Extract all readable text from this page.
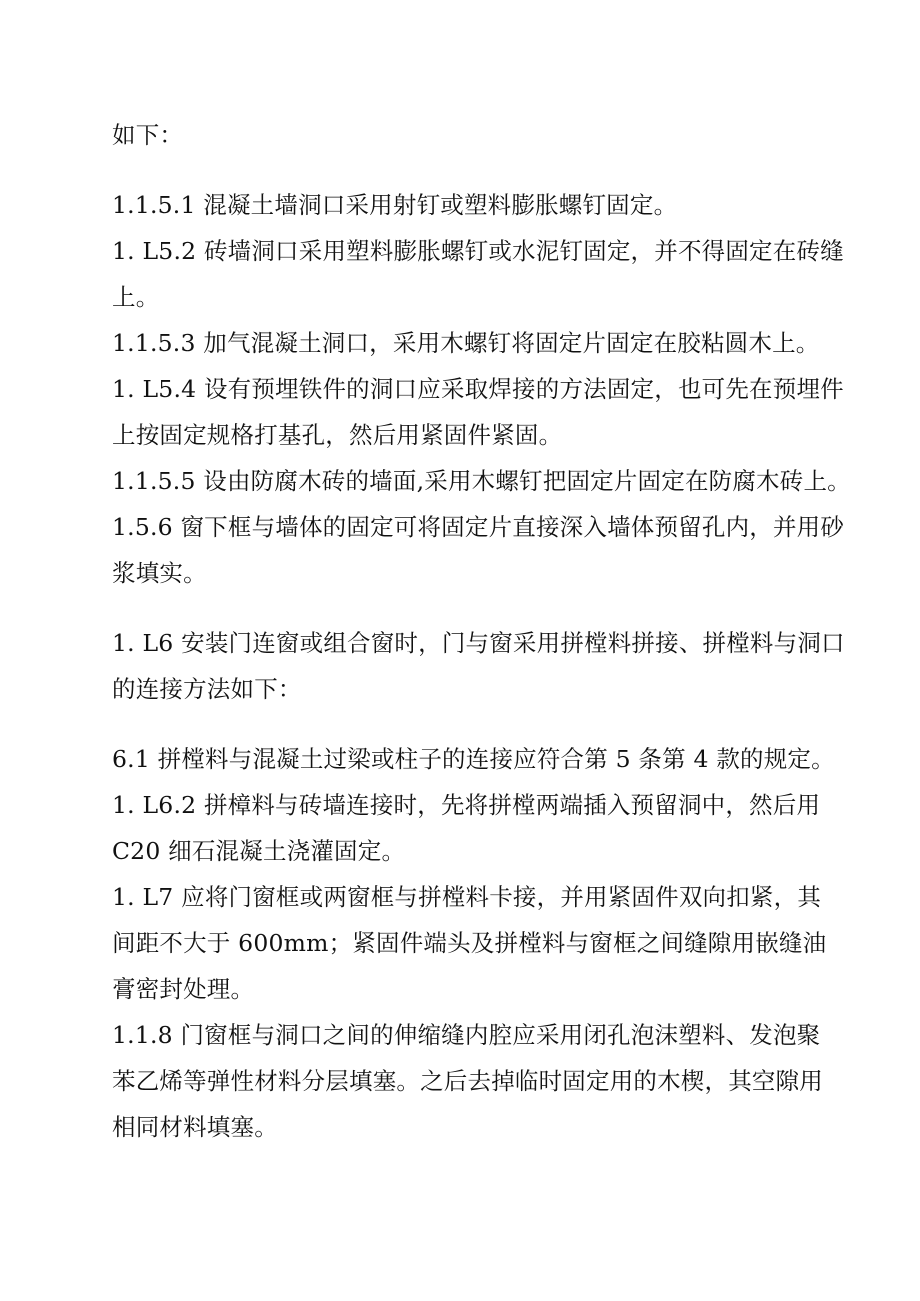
如下：
1.1.5.1 混凝土墙洞口采用射钉或塑料膨胀螺钉固定。
1. L5.2 砖墙洞口采用塑料膨胀螺钉或水泥钉固定，并不得固定在砖缝
上。
1.1.5.3 加气混凝土洞口，采用木螺钉将固定片固定在胶粘圆木上。
1. L5.4 设有预埋铁件的洞口应采取焊接的方法固定，也可先在预埋件
上按固定规格打基孔，然后用紧固件紧固。
1.1.5.5 设由防腐木砖的墙面,采用木螺钉把固定片固定在防腐木砖上。
1.5.6 窗下框与墙体的固定可将固定片直接深入墙体预留孔内，并用砂
浆填实。
1. L6 安装门连窗或组合窗时，门与窗采用拼樘料拼接、拼樘料与洞口
的连接方法如下：
6.1 拼樘料与混凝土过梁或柱子的连接应符合第 5 条第 4 款的规定。
1. L6.2 拼樟料与砖墙连接时，先将拼樘两端插入预留洞中，然后用
C20 细石混凝土浇灌固定。
1. L7 应将门窗框或两窗框与拼樘料卡接，并用紧固件双向扣紧，其
间距不大于 600mm；紧固件端头及拼樘料与窗框之间缝隙用嵌缝油
膏密封处理。
1.1.8 门窗框与洞口之间的伸缩缝内腔应采用闭孔泡沫塑料、发泡聚
苯乙烯等弹性材料分层填塞。之后去掉临时固定用的木楔，其空隙用
相同材料填塞。
